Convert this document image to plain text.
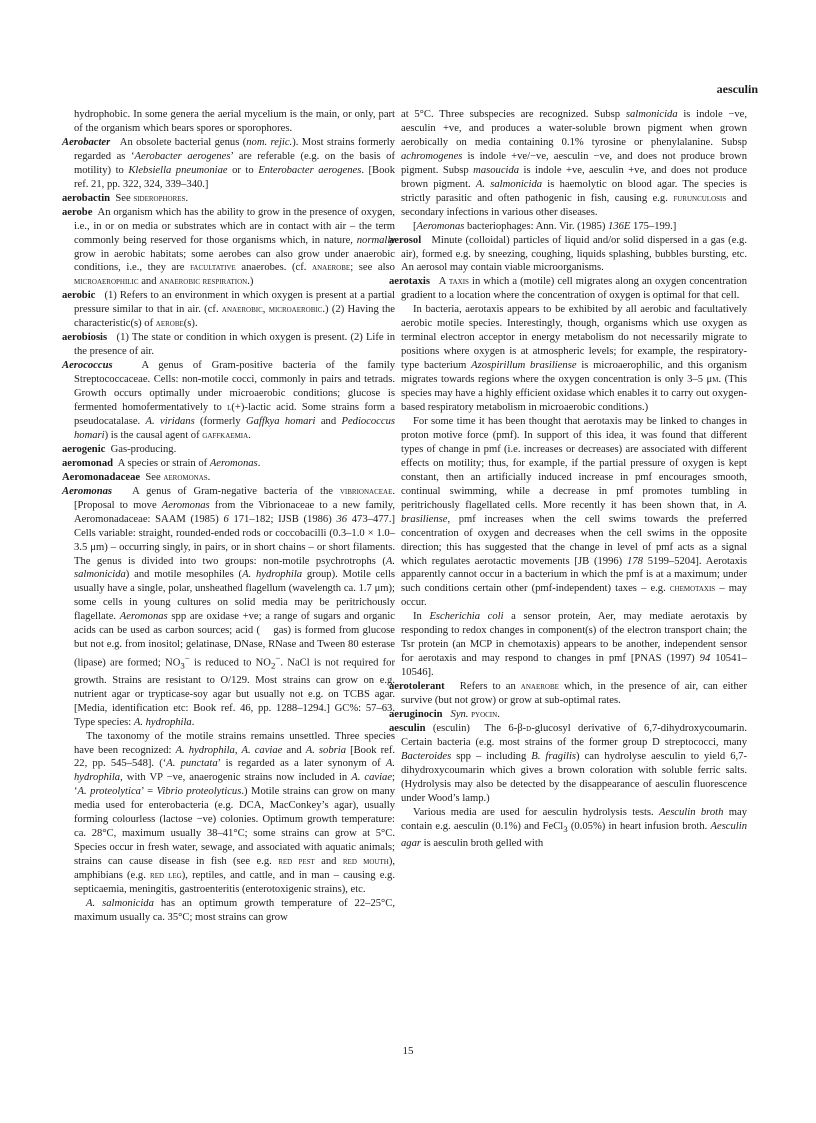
aesculin

hydrophobic. In some genera the aerial mycelium is the main, or only, part of the organism which bears spores or sporophores.

Aerobacter   An obsolete bacterial genus (nom. rejic.). Most strains formerly regarded as ‘Aerobacter aerogenes’ are referable (e.g. on the basis of motility) to Klebsiella pneumoniae or to Enterobacter aerogenes. [Book ref. 21, pp. 322, 324, 339–340.]

aerobactin  See siderophores.

aerobe  An organism which has the ability to grow in the presence of oxygen, i.e., in or on media or substrates which are in contact with air – the term commonly being reserved for those organisms which, in nature, normally grow in aerobic habitats; some aerobes can also grow under anaerobic conditions, i.e., they are facultative anaerobes. (cf. anaerobe; see also microaerophilic and anaerobic respiration.)

aerobic   (1) Refers to an environment in which oxygen is present at a partial pressure similar to that in air. (cf. anaerobic, microaerobic.) (2) Having the characteristic(s) of aerobe(s).

aerobiosis   (1) The state or condition in which oxygen is present. (2) Life in the presence of air.

Aerococcus   A genus of Gram-positive bacteria of the family Streptococcaceae. Cells: non-motile cocci, commonly in pairs and tetrads. Growth occurs optimally under microaerobic conditions; glucose is fermented homofermentatively to l(+)-lactic acid. Some strains form a pseudocatalase. A. viridans (formerly Gaffkya homari and Pediococcus homari) is the causal agent of gaffkaemia.

aerogenic  Gas-producing.

aeromonad  A species or strain of Aeromonas.

Aeromonadaceae  See aeromonas.

Aeromonas   A genus of Gram-negative bacteria of the vibrionaceae. [Proposal to move Aeromonas from the Vibrionaceae to a new family, Aeromonadaceae: SAAM (1985) 6 171–182; IJSB (1986) 36 473–477.] Cells variable: straight, rounded-ended rods or coccobacilli (0.3–1.0 × 1.0–3.5 μm) – occurring singly, in pairs, or in short chains – or short filaments. The genus is divided into two groups: non-motile psychrotrophs (A. salmonicida) and motile mesophiles (A. hydrophila group). Motile cells usually have a single, polar, unsheathed flagellum (wavelength ca. 1.7 μm); some cells in young cultures on solid media may be peritrichously flagellate. Aeromonas spp are oxidase +ve; a range of sugars and organic acids can be used as carbon sources; acid (    gas) is formed from glucose but not e.g. from inositol; gelatinase, DNase, RNase and Tween 80 esterase (lipase) are formed; $NO_3^-$ is reduced to $NO_2^-$. NaCl is not required for growth. Strains are resistant to O/129. Most strains can grow on e.g. nutrient agar or trypticase-soy agar but usually not e.g. on TCBS agar. [Media, identification etc: Book ref. 46, pp. 1288–1294.] GC%: 57–63. Type species: A. hydrophila.

The taxonomy of the motile strains remains unsettled. Three species have been recognized: A. hydrophila, A. caviae and A. sobria [Book ref. 22, pp. 545–548]. (‘A. punctata’ is regarded as a later synonym of A. hydrophila, with VP −ve, anaerogenic strains now included in A. caviae; ‘A. proteolytica’ = Vibrio proteolyticus.) Motile strains can grow on many media used for enterobacteria (e.g. DCA, MacConkey’s agar), usually forming colourless (lactose −ve) colonies. Optimum growth temperature: ca. 28°C, maximum usually 38–41°C; some strains can grow at 5°C. Species occur in fresh water, sewage, and associated with aquatic animals; strains can cause disease in fish (see e.g. red pest and red mouth), amphibians (e.g. red leg), reptiles, and cattle, and in man – causing e.g. septicaemia, meningitis, gastroenteritis (enterotoxigenic strains), etc.

A. salmonicida has an optimum growth temperature of 22–25°C, maximum usually ca. 35°C; most strains can grow

at 5°C. Three subspecies are recognized. Subsp salmonicida is indole −ve, aesculin +ve, and produces a water-soluble brown pigment when grown aerobically on media containing 0.1% tyrosine or phenylalanine. Subsp achromogenes is indole +ve/−ve, aesculin −ve, and does not produce brown pigment. Subsp masoucida is indole +ve, aesculin +ve, and does not produce brown pigment. A. salmonicida is haemolytic on blood agar. The species is strictly parasitic and often pathogenic in fish, causing e.g. furunculosis and secondary infections in various other diseases.

[Aeromonas bacteriophages: Ann. Vir. (1985) 136E 175–199.]

aerosol   Minute (colloidal) particles of liquid and/or solid dispersed in a gas (e.g. air), formed e.g. by sneezing, coughing, liquids splashing, bubbles bursting, etc. An aerosol may contain viable microorganisms.

aerotaxis   A taxis in which a (motile) cell migrates along an oxygen concentration gradient to a location where the concentration of oxygen is optimal for that cell.

In bacteria, aerotaxis appears to be exhibited by all aerobic and facultatively aerobic motile species. Interestingly, though, organisms which use oxygen as terminal electron acceptor in energy metabolism do not necessarily migrate to positions where oxygen is at atmospheric levels; for example, the respiratory-type bacterium Azospirillum brasiliense is microaerophilic, and this organism migrates towards regions where the oxygen concentration is only 3–5 μm. (This species may have a highly efficient oxidase which enables it to carry out oxygen-based respiratory metabolism in microaerobic conditions.)

For some time it has been thought that aerotaxis may be linked to changes in proton motive force (pmf). In support of this idea, it was found that different types of change in pmf (i.e. increases or decreases) are associated with different effects on motility; thus, for example, if the partial pressure of oxygen is kept constant, then an artificially induced increase in pmf encourages smooth, continual swimming, while a decrease in pmf promotes tumbling in peritrichously flagellated cells. More recently it has been shown that, in A. brasiliense, pmf increases when the cell swims towards the preferred concentration of oxygen and decreases when the cell swims in the opposite direction; this has suggested that the change in level of pmf acts as a signal which regulates aerotactic movements [JB (1996) 178 5199–5204]. Aerotaxis apparently cannot occur in a bacterium in which the pmf is at a maximum; under such conditions certain other (pmf-independent) taxes – e.g. chemotaxis – may occur.

In Escherichia coli a sensor protein, Aer, may mediate aerotaxis by responding to redox changes in component(s) of the electron transport chain; the Tsr protein (an MCP in chemotaxis) appears to be another, independent sensor for aerotaxis and may respond to changes in pmf [PNAS (1997) 94 10541–10546].

aerotolerant   Refers to an anaerobe which, in the presence of air, can either survive (but not grow) or grow at sub-optimal rates.

aeruginocin Syn. pyocin.

aesculin (esculin)  The 6-β-d-glucosyl derivative of 6,7-dihydroxycoumarin. Certain bacteria (e.g. most strains of the former group D streptococci, many Bacteroides spp – including B. fragilis) can hydrolyse aesculin to yield 6,7-dihydroxycoumarin which gives a brown coloration with soluble ferric salts. (Hydrolysis may also be detected by the disappearance of aesculin fluorescence under Wood’s lamp.)

Various media are used for aesculin hydrolysis tests. Aesculin broth may contain e.g. aesculin (0.1%) and FeCl$_3$ (0.05%) in heart infusion broth. Aesculin agar is aesculin broth gelled with

15
